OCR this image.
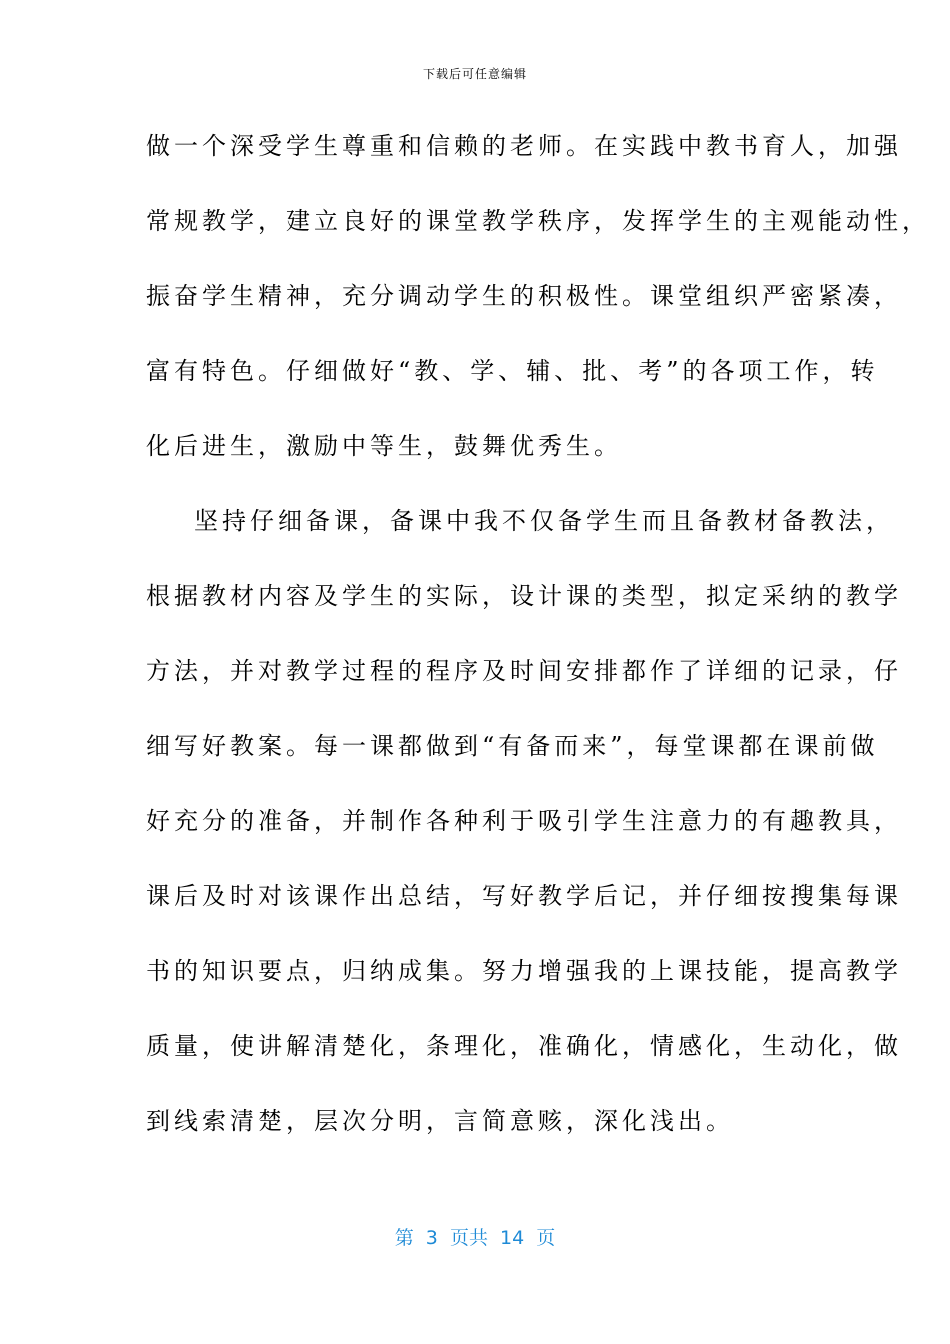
下载后可任意编辑
做一个深受学生尊重和信赖的老师。在实践中教书育人，加强
常规教学，建立良好的课堂教学秩序，发挥学生的主观能动性，
振奋学生精神，充分调动学生的积极性。课堂组织严密紧凑，
富有特色。仔细做好“教、学、辅、批、考”的各项工作，转
化后进生，激励中等生，鼓舞优秀生。
坚持仔细备课，备课中我不仅备学生而且备教材备教法，
根据教材内容及学生的实际，设计课的类型，拟定采纳的教学
方法，并对教学过程的程序及时间安排都作了详细的记录，仔
细写好教案。每一课都做到“有备而来”，每堂课都在课前做
好充分的准备，并制作各种利于吸引学生注意力的有趣教具，
课后及时对该课作出总结，写好教学后记，并仔细按搜集每课
书的知识要点，归纳成集。努力增强我的上课技能，提高教学
质量，使讲解清楚化，条理化，准确化，情感化，生动化，做
到线索清楚，层次分明，言简意赅，深化浅出。
第  3  页共  14  页
